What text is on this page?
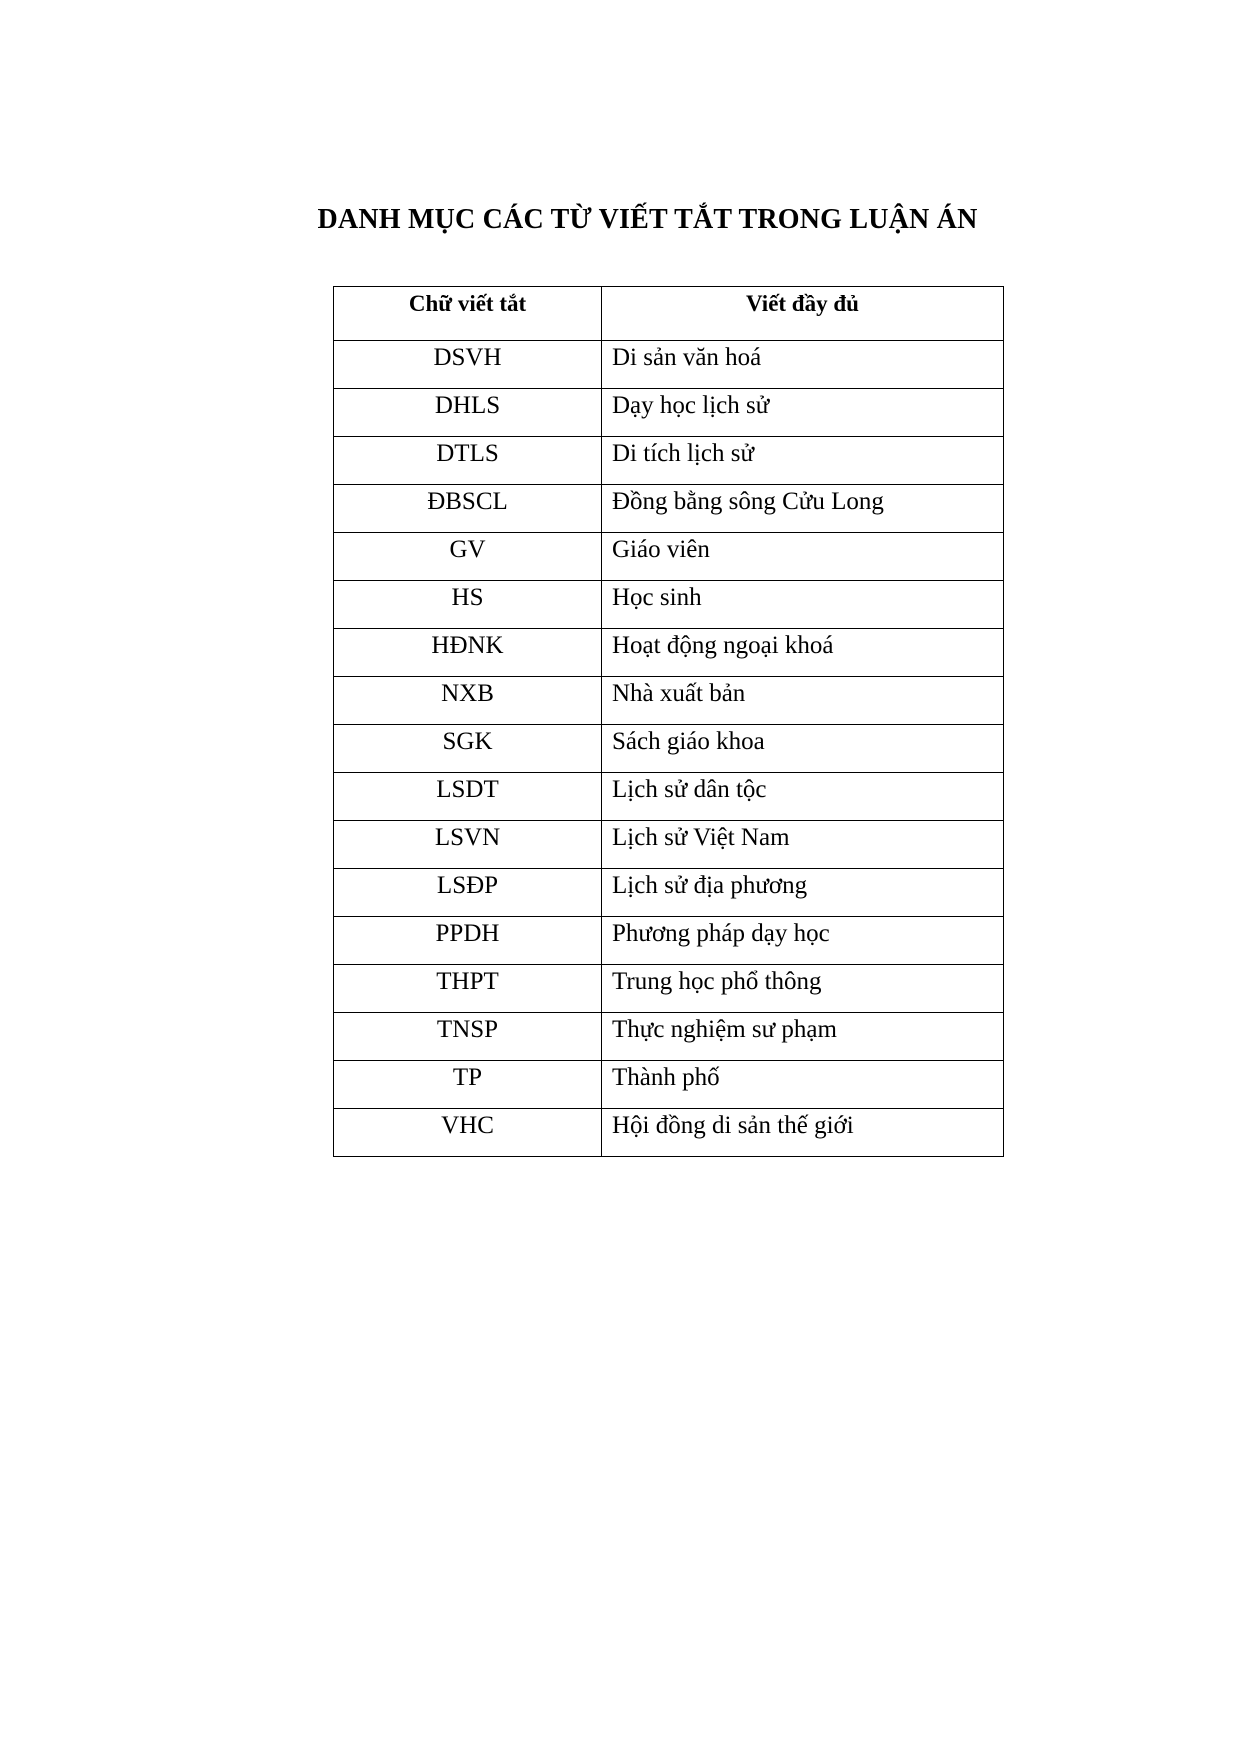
DANH MỤC CÁC TỪ VIẾT TẮT TRONG LUẬN ÁN
Chữ viết tắt	Viết đầy đủ
DSVH	Di sản văn hoá
DHLS	Dạy học lịch sử
DTLS	Di tích lịch sử
ĐBSCL	Đồng bằng sông Cửu Long
GV	Giáo viên
HS	Học sinh
HĐNK	Hoạt động ngoại khoá
NXB	Nhà xuất bản
SGK	Sách giáo khoa
LSDT	Lịch sử dân tộc
LSVN	Lịch sử Việt Nam
LSĐP	Lịch sử địa phương
PPDH	Phương pháp dạy học
THPT	Trung học phổ thông
TNSP	Thực nghiệm sư phạm
TP	Thành phố
VHC	Hội đồng di sản thế giới
